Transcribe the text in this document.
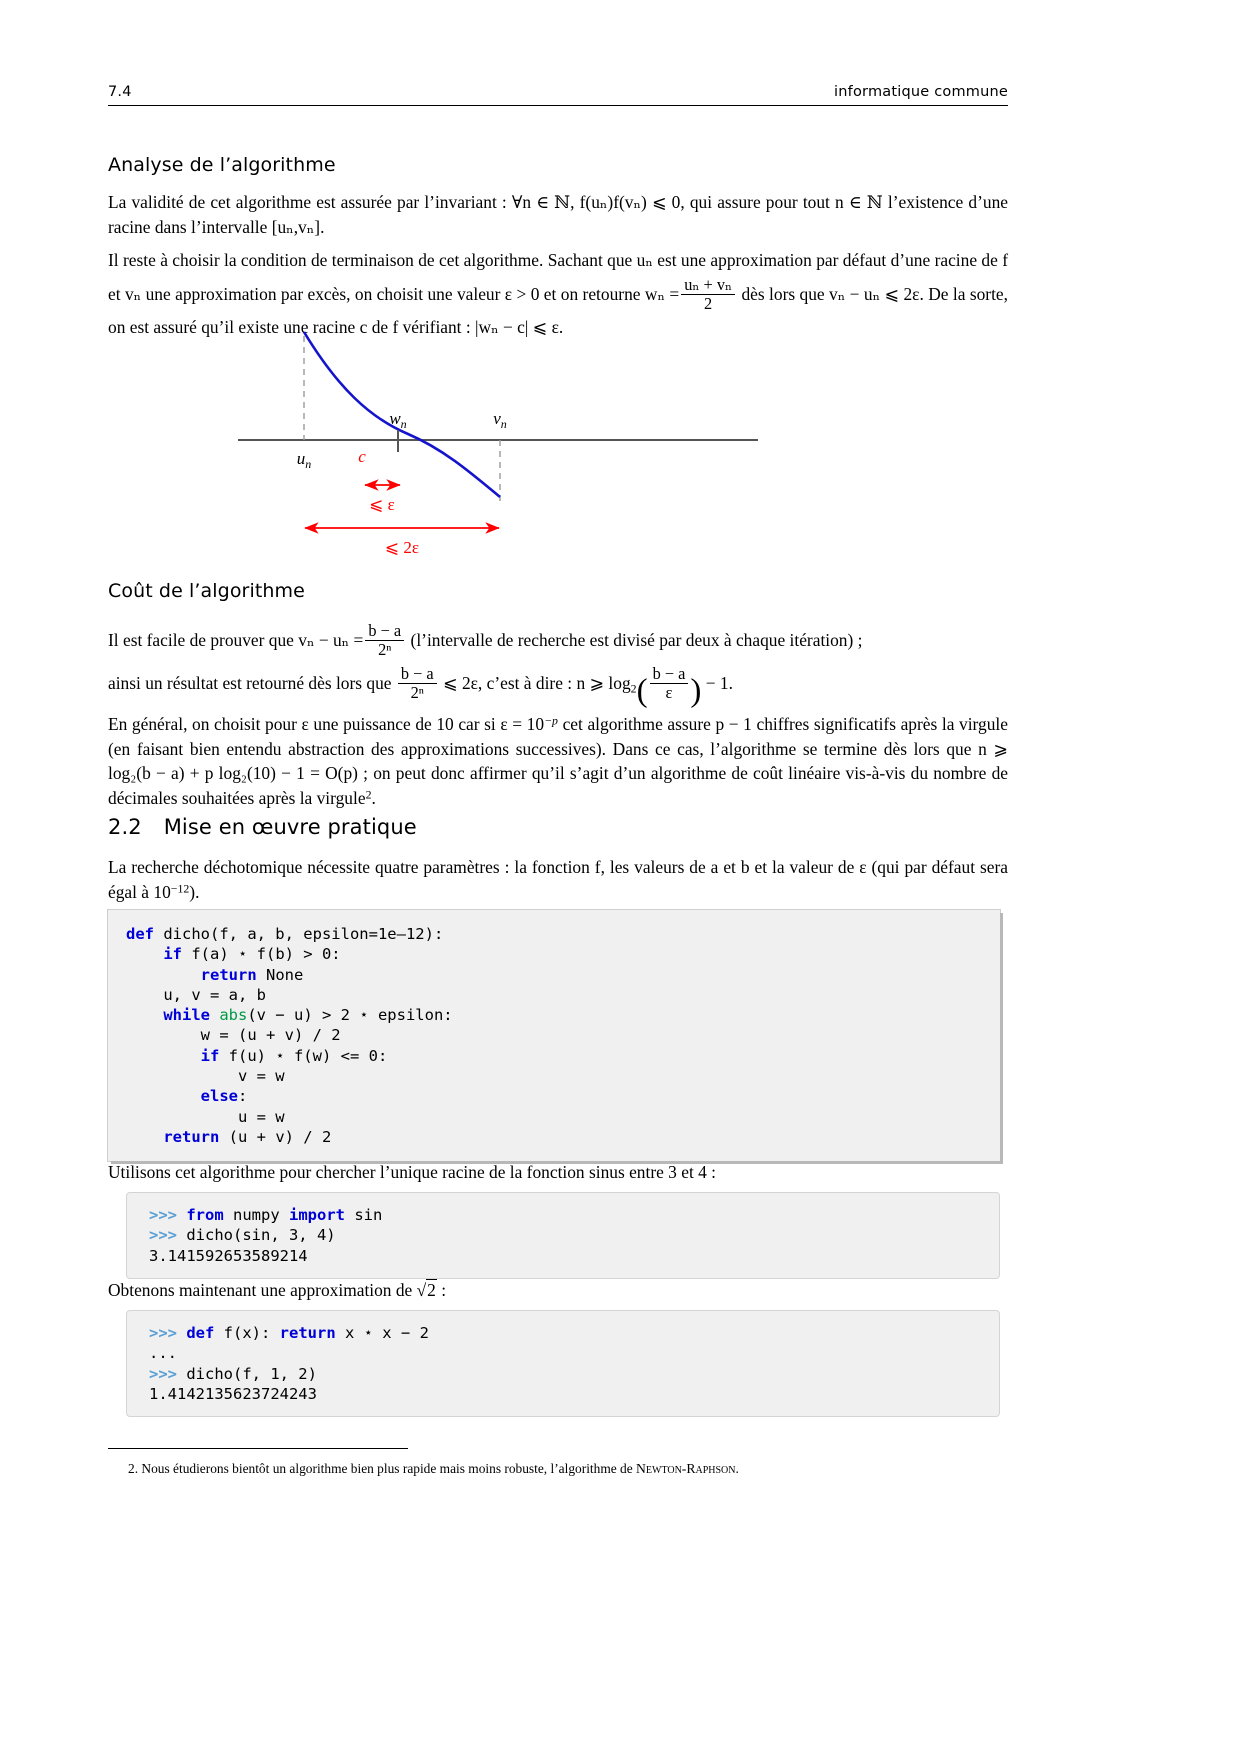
7.4	informatique commune
Analyse de l’algorithme
La validité de cet algorithme est assurée par l’invariant : ∀n ∈ ℕ, f(uₙ)f(vₙ) ⩽ 0, qui assure pour tout n ∈ ℕ l’existence d’une racine dans l’intervalle [uₙ,vₙ].
Il reste à choisir la condition de terminaison de cet algorithme. Sachant que uₙ est une approximation par défaut d’une racine de f et vₙ une approximation par excès, on choisit une valeur ε > 0 et on retourne $w_n = \frac{\text{uₙ + vₙ}}{2}$ dès lors que vₙ − uₙ ⩽ 2ε. De la sorte, on est assuré qu’il existe une racine c de f vérifiant : |wₙ − c| ⩽ ε.
$u_n$
$w_n$	$v_n$
c
⩽ ε
⩽ 2ε
Coût de l’algorithme
Il est facile de prouver que $v_n - u_n = \frac{b - a}{\text{2ⁿ}}$ (l’intervalle de recherche est divisé par deux à chaque itération) ;
ainsi un résultat est retourné dès lors que $\frac{b - a}{\text{2ⁿ}}$ ⩽ 2ε, c’est à dire : n ⩾ $\log_2( \frac{b - a}{\varepsilon}$ ) − 1.
En général, on choisit pour ε une puissance de 10 car si $\varepsilon = 10^{-p}$ cet algorithme assure p − 1 chiffres significatifs après la virgule (en faisant bien entendu abstraction des approximations successives). Dans ce cas, l’algorithme se termine dès lors que n ⩾ log₂(b − a) + p log₂(10) − 1 = O(p) ; on peut donc affirmer qu’il s’agit d’un algorithme de coût linéaire vis-à-vis du nombre de décimales souhaitées après la virgule$^2$.
2.2 Mise en œuvre pratique
La recherche déchotomique nécessite quatre paramètres : la fonction f, les valeurs de a et b et la valeur de ε (qui par défaut sera égal à $10^{-12}$).
def dicho(f, a, b, epsilon=1e–12):
if f(a) ⋆ f(b) > 0:
return None
u, v = a, b
while abs(v − u) > 2 ⋆ epsilon:
w = (u + v) / 2
if f(u) ⋆ f(w) <= 0:
v = w
else:
u = w
return (u + v) / 2
Utilisons cet algorithme pour chercher l’unique racine de la fonction sinus entre 3 et 4 :
>>> from numpy import sin
>>> dicho(sin, 3, 4)
3.141592653589214
Obtenons maintenant une approximation de √2 :
>>> def f(x): return x ⋆ x − 2
...
>>> dicho(f, 1, 2)
1.4142135623724243
2. Nous étudierons bientôt un algorithme bien plus rapide mais moins robuste, l’algorithme de Newton-Raphson.
